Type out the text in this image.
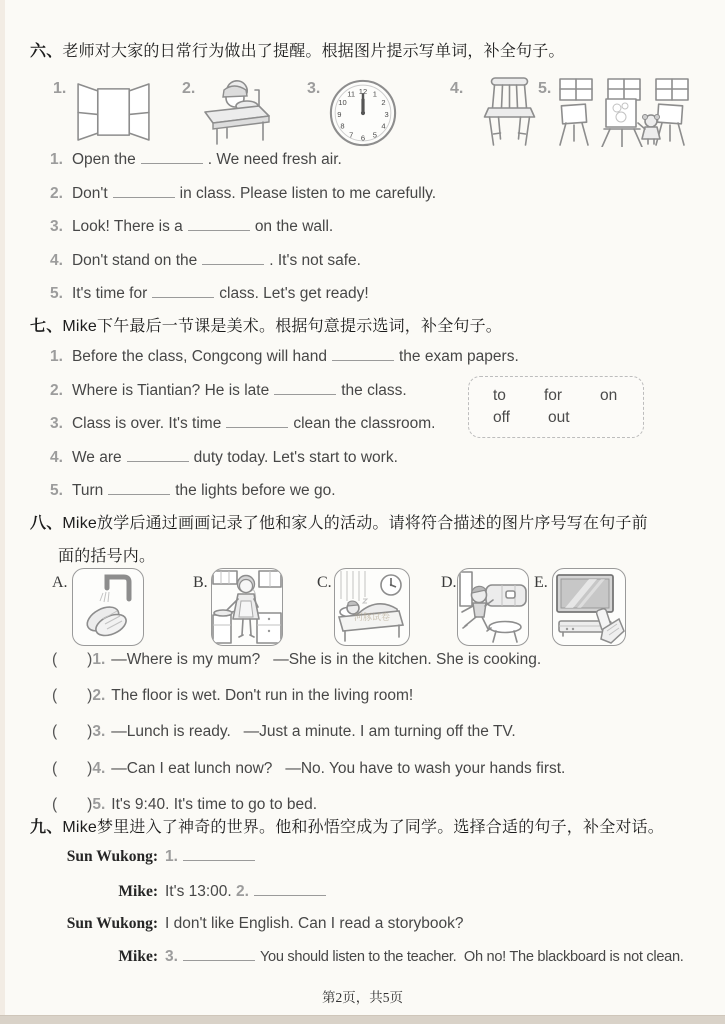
六、老师对大家的日常行为做出了提醒。根据图片提示写单词，补全句子。
1.	2.	3.	12 1
2
3
4
5
6
7
8
9
10
11	4.	5.
1. Open the	. We need fresh air.
2. Don't	in class. Please listen to me carefully.
3. Look! There is a	on the wall.
4. Don't stand on the	. It's not safe.
5. It's time for	class. Let's get ready!
七、Mike下午最后一节课是美术。根据句意提示选词，补全句子。
1. Before the class, Congcong will hand	the exam papers.
2. Where is Tiantian? He is late	the class.
3. Class is over. It's time	clean the classroom.
4. We are	duty today. Let's start to work.
5. Turn	the lights before we go.
to for on
off out
八、Mike放学后通过画画记录了他和家人的活动。请将符合描述的图片序号写在句子前
面的括号内。
A.	B.	C.
河豚试卷
D.	E.
( )1. —Where is my mum?   —She is in the kitchen. She is cooking.
( )2. The floor is wet. Don't run in the living room!
( )3. —Lunch is ready.   —Just a minute. I am turning off the TV.
( )4. —Can I eat lunch now?   —No. You have to wash your hands first.
( )5. It's 9:40. It's time to go to bed.
九、Mike梦里进入了神奇的世界。他和孙悟空成为了同学。选择合适的句子，补全对话。
Sun Wukong: 1.
Mike: It's 13:00. 2.
Sun Wukong: I don't like English. Can I read a storybook?
Mike: 3.	You should listen to the teacher.  Oh no! The blackboard is not clean.
第2页，共5页
